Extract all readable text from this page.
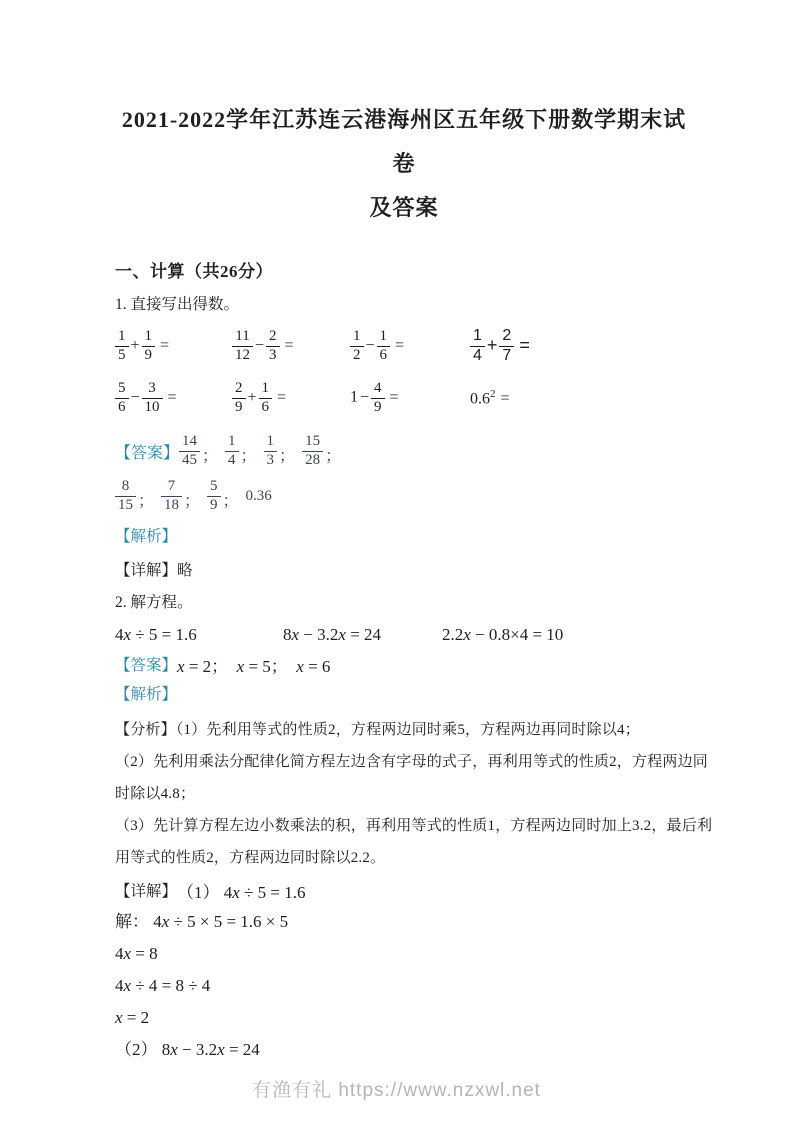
2021-2022学年江苏连云港海州区五年级下册数学期末试卷
及答案
一、计算（共26分）
1. 直接写出得数。
$\frac{1}{5} + \frac{1}{9}$ =	$\frac{11}{12} - \frac{2}{3}$ =	$\frac{1}{2} - \frac{1}{6}$ =	$\frac{1}{4} + \frac{2}{7}$ =
$\frac{5}{6} - \frac{3}{10}$ =	$\frac{2}{9} + \frac{1}{6}$ =	$1 - \frac{4}{9}$ =	$0.6^2$ =
【答案】 $\frac{14}{45}$ ； $\frac{1}{4}$ ； $\frac{1}{3}$ ； $\frac{15}{28}$ ；
$\frac{8}{15}$ ； $\frac{7}{18}$ ； $\frac{5}{9}$ ； 0.36
【解析】
【详解】略
2. 解方程。
4x ÷ 5 = 1.6	8x − 3.2x = 24	2.2x − 0.8×4 = 10
【答案】 x = 2；  x = 5；  x = 6
【解析】
【分析】（1）先利用等式的性质2，方程两边同时乘5，方程两边再同时除以4；
（2）先利用乘法分配律化简方程左边含有字母的式子，再利用等式的性质2，方程两边同
时除以4.8；
（3）先计算方程左边小数乘法的积，再利用等式的性质1，方程两边同时加上3.2，最后利
用等式的性质2，方程两边同时除以2.2。
【详解】 （1） 4x ÷ 5 = 1.6
解： 4x ÷ 5 × 5 = 1.6 × 5
4x = 8
4x ÷ 4 = 8 ÷ 4
x = 2
（2） 8x − 3.2x = 24
有渔有礼 https://www.nzxwl.net
